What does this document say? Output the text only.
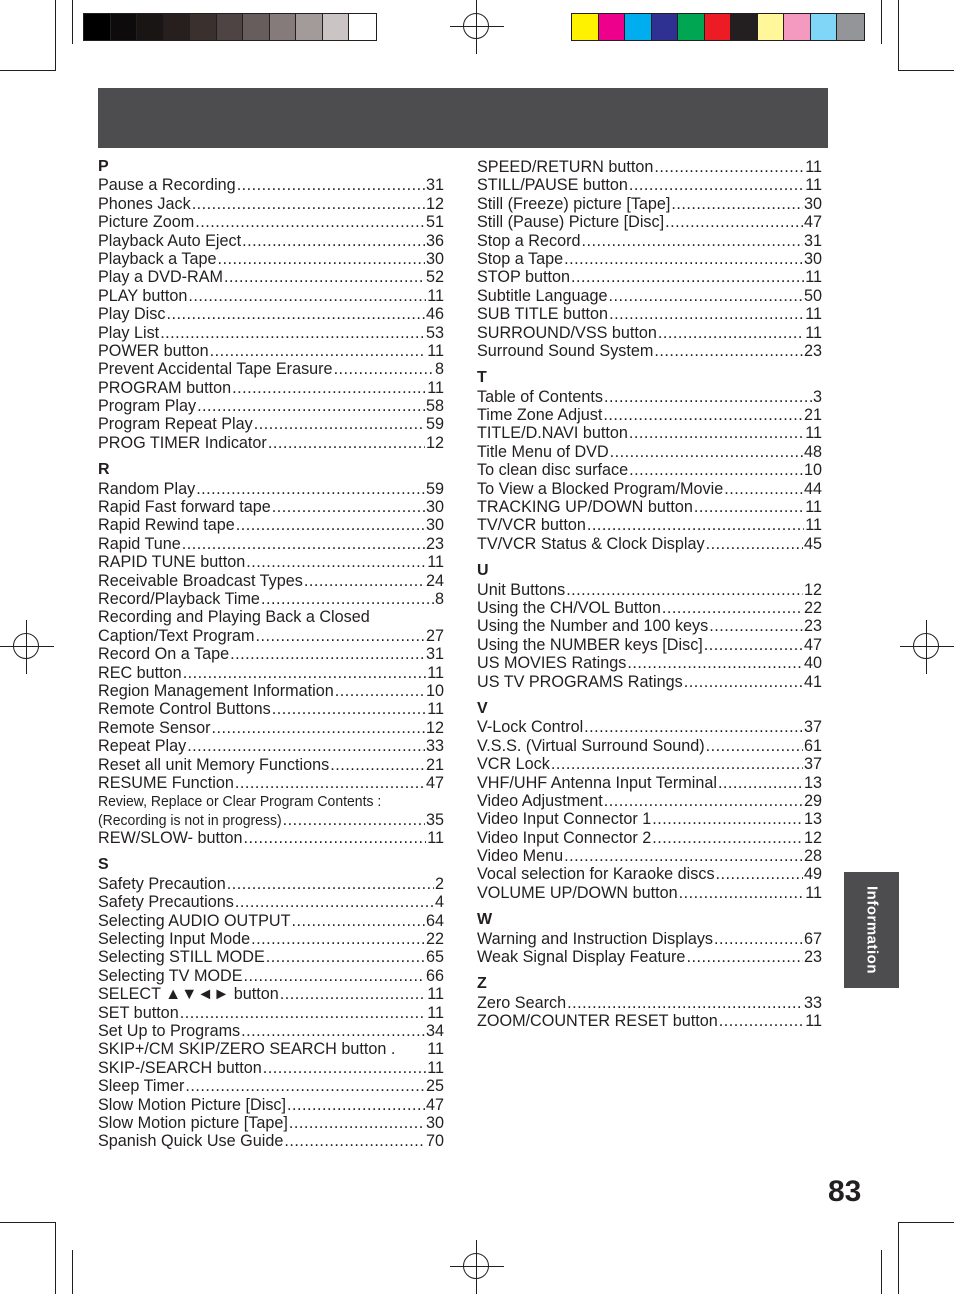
P
Pause a Recording .....	31
Phones Jack .....	12
Picture Zoom .....	51
Playback Auto Eject .....	36
Playback a Tape .....	30
Play a DVD-RAM .....	52
PLAY button .....	11
Play Disc .....	46
Play List .....	53
POWER button .....	11
Prevent Accidental Tape Erasure .....	8
PROGRAM button .....	11
Program Play .....	58
Program Repeat Play .....	59
PROG TIMER Indicator .....	12
R
Random Play .....	59
Rapid Fast forward tape .....	30
Rapid Rewind tape .....	30
Rapid Tune .....	23
RAPID TUNE button .....	11
Receivable Broadcast Types .....	24
Record/Playback Time .....	8
Recording and Playing Back a Closed
Caption/Text Program .....	27
Record On a Tape .....	31
REC button .....	11
Region Management Information .....	10
Remote Control Buttons .....	11
Remote Sensor .....	12
Repeat Play .....	33
Reset all unit Memory Functions .....	21
RESUME Function .....	47
Review, Replace or Clear Program Contents :
(Recording is not in progress) .....	35
REW/SLOW- button .....	11
S
Safety Precaution .....	2
Safety Precautions .....	4
Selecting AUDIO OUTPUT .....	64
Selecting Input Mode .....	22
Selecting STILL MODE .....	65
Selecting TV MODE .....	66
SELECT ▲▼◄► button .....	11
SET button .....	11
Set Up to Programs .....	34
SKIP+/CM SKIP/ZERO SEARCH button . 11
SKIP-/SEARCH button .....	11
Sleep Timer .....	25
Slow Motion Picture [Disc] .....	47
Slow Motion picture [Tape] .....	30
Spanish Quick Use Guide .....	70
SPEED/RETURN button .....	11
STILL/PAUSE button .....	11
Still (Freeze) picture [Tape] .....	30
Still (Pause) Picture [Disc] .....	47
Stop a Record .....	31
Stop a Tape .....	30
STOP button .....	11
Subtitle Language .....	50
SUB TITLE button .....	11
SURROUND/VSS button .....	11
Surround Sound System .....	23
T
Table of Contents .....	3
Time Zone Adjust .....	21
TITLE/D.NAVI button .....	11
Title Menu of DVD .....	48
To clean disc surface .....	10
To View a Blocked Program/Movie .....	44
TRACKING UP/DOWN button .....	11
TV/VCR button .....	11
TV/VCR Status & Clock Display .....	45
U
Unit Buttons .....	12
Using the CH/VOL Button .....	22
Using the Number and 100 keys .....	23
Using the NUMBER keys [Disc] .....	47
US MOVIES Ratings .....	40
US TV PROGRAMS Ratings .....	41
V
V-Lock Control .....	37
V.S.S. (Virtual Surround Sound) .....	61
VCR Lock .....	37
VHF/UHF Antenna Input Terminal .....	13
Video Adjustment .....	29
Video Input Connector 1 .....	13
Video Input Connector 2 .....	12
Video Menu .....	28
Vocal selection for Karaoke discs .....	49
VOLUME UP/DOWN button .....	11
W
Warning and Instruction Displays .....	67
Weak Signal Display Feature .....	23
Z
Zero Search .....	33
ZOOM/COUNTER RESET button .....	11
Information
83
